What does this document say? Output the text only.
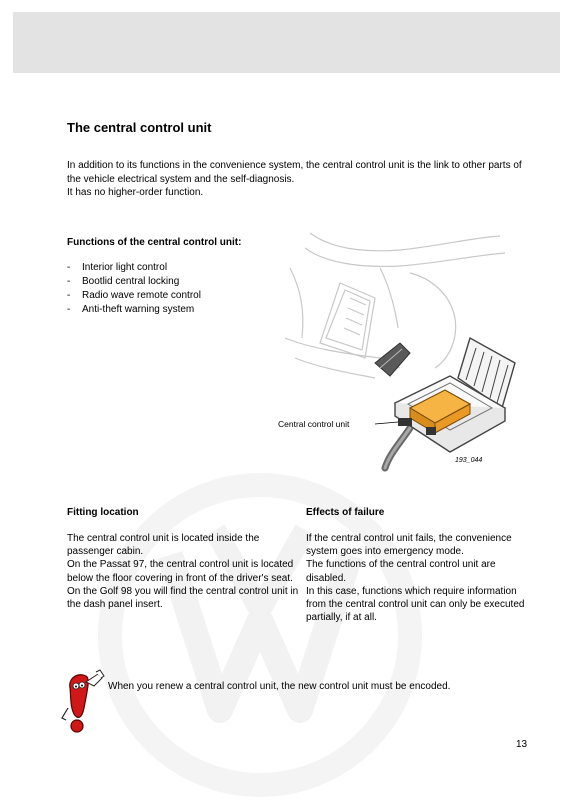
The central control unit

In addition to its functions in the convenience system, the central control unit is the link to other parts of the vehicle electrical system and the self-diagnosis.

It has no higher-order function.

Functions of the central control unit:
- Interior light control
- Bootlid central locking
- Radio wave remote control
- Anti-theft warning system
Central control unit
193_044
Fitting location

The central control unit is located inside the passenger cabin.

On the Passat 97, the central control unit is located below the floor covering in front of the driver's seat.

On the Golf 98 you will find the central control unit in the dash panel insert.

Effects of failure

If the central control unit fails, the convenience system goes into emergency mode.

The functions of the central control unit are disabled.

In this case, functions which require information from the central control unit can only be executed partially, if at all.

When you renew a central control unit, the new control unit must be encoded.
13
